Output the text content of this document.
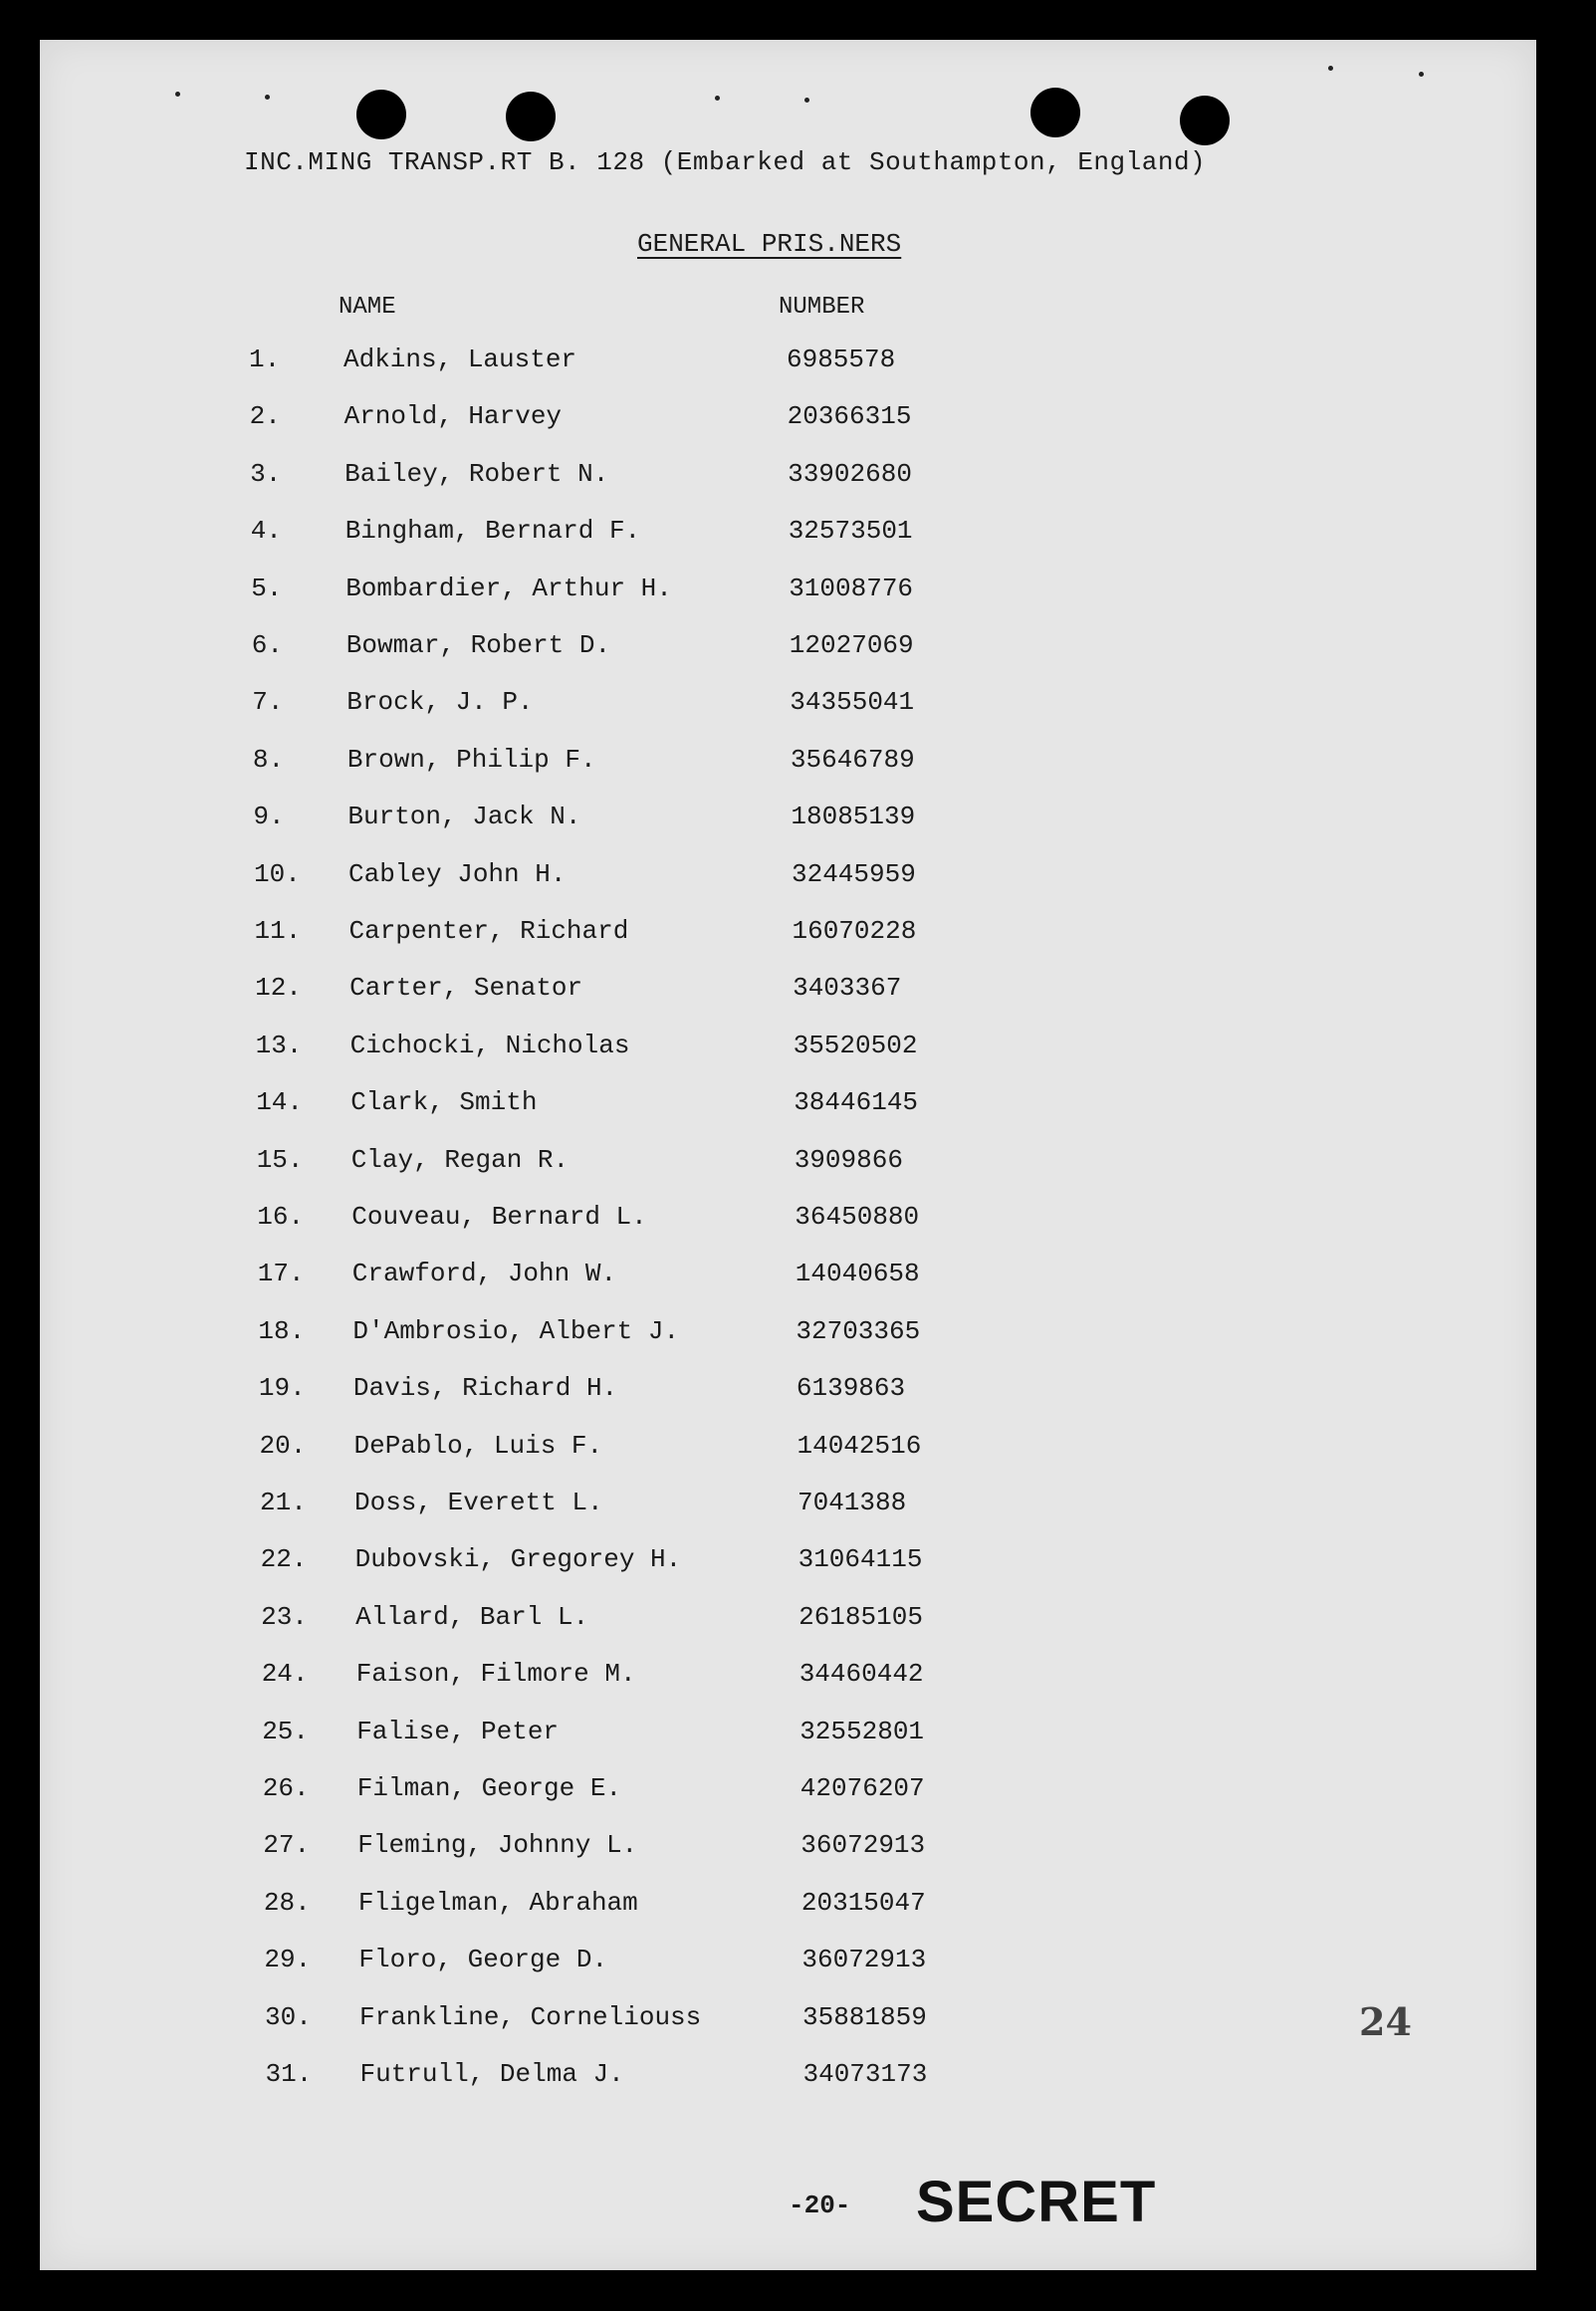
INC.MING TRANSP.RT B. 128 (Embarked at Southampton, England)
GENERAL PRIS.NERS
NAME	NUMBER
1.	Adkins, Lauster	6985578
2.	Arnold, Harvey	20366315
3.	Bailey, Robert N.	33902680
4.	Bingham, Bernard F.	32573501
5.	Bombardier, Arthur H.	31008776
6.	Bowmar, Robert D.	12027069
7.	Brock, J. P.	34355041
8.	Brown, Philip F.	35646789
9.	Burton, Jack N.	18085139
10.	Cabley John H.	32445959
11.	Carpenter, Richard	16070228
12.	Carter, Senator	3403367
13.	Cichocki, Nicholas	35520502
14.	Clark, Smith	38446145
15.	Clay, Regan R.	3909866
16.	Couveau, Bernard L.	36450880
17.	Crawford, John W.	14040658
18.	D'Ambrosio, Albert J.	32703365
19.	Davis, Richard H.	6139863
20.	DePablo, Luis F.	14042516
21.	Doss, Everett L.	7041388
22.	Dubovski, Gregorey H.	31064115
23.	Allard, Barl L.	26185105
24.	Faison, Filmore M.	34460442
25.	Falise, Peter	32552801
26.	Filman, George E.	42076207
27.	Fleming, Johnny L.	36072913
28.	Fligelman, Abraham	20315047
29.	Floro, George D.	36072913
30.	Frankline, Corneliouss	35881859
31.	Futrull, Delma J.	34073173
24
-20- SECRET
